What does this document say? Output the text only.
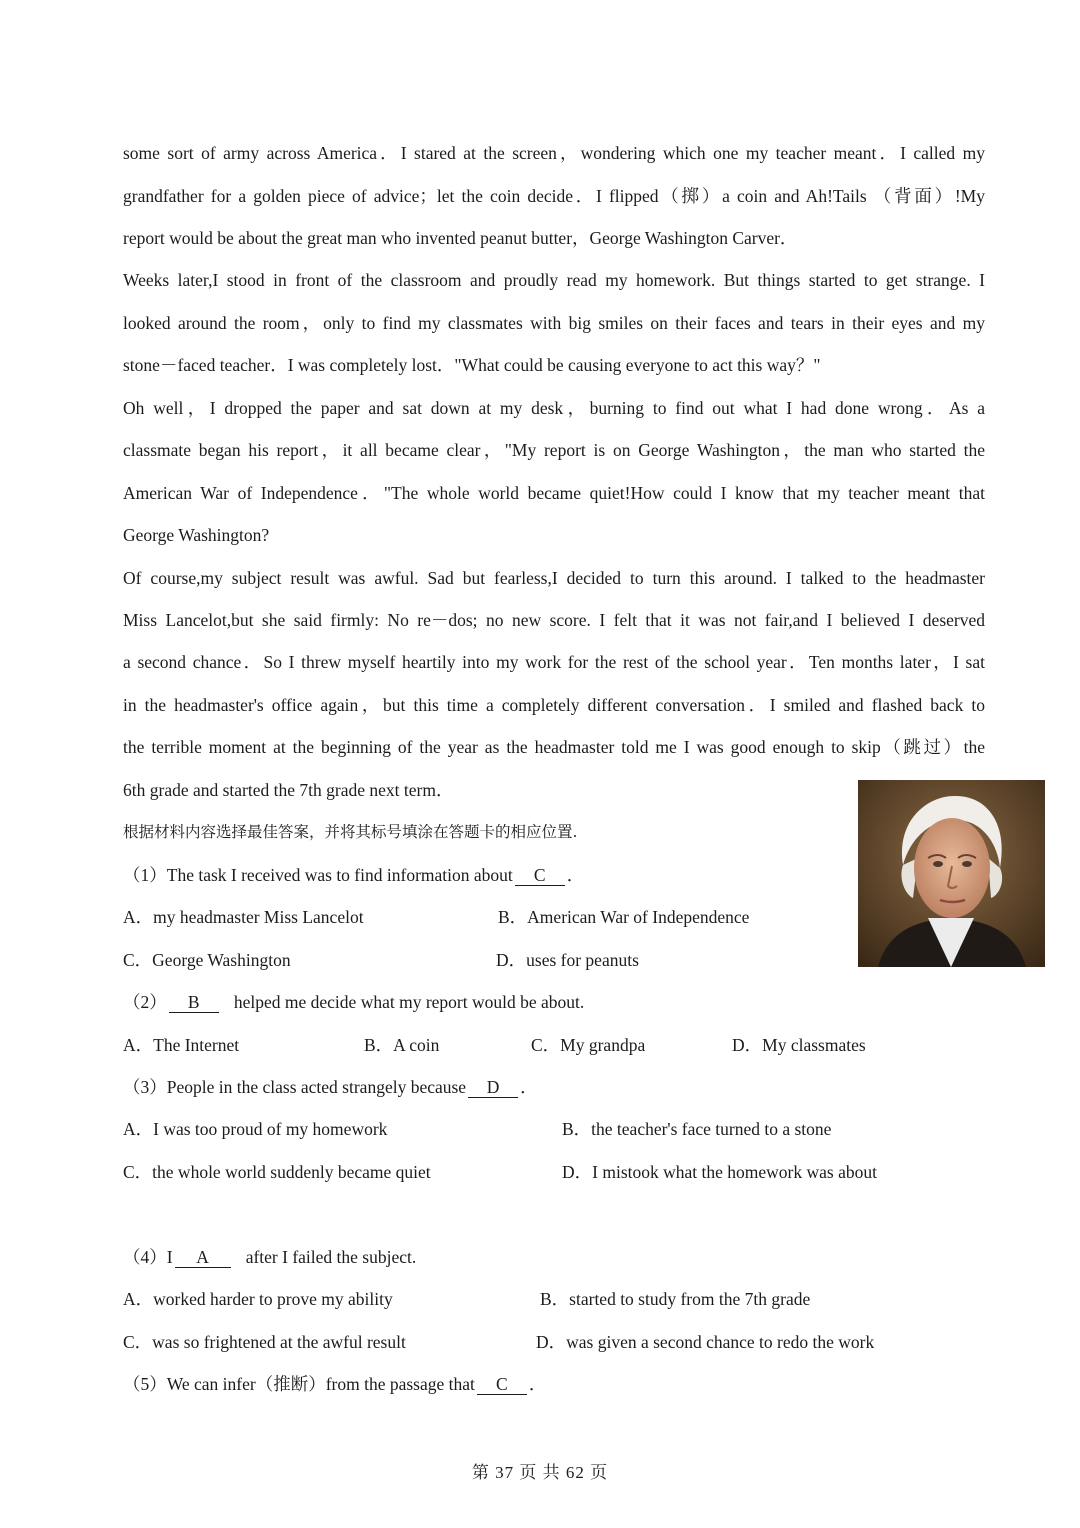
some sort of army across America．I stared at the screen，wondering which one my teacher meant．I called my
grandfather for a golden piece of advice；let the coin decide．I flipped（掷）a coin and Ah!Tails （背面）!My
report would be about the great man who invented peanut butter，George Washington Carver．
Weeks later,I stood in front of the classroom and proudly read my homework. But things started to get strange. I
looked around the room，only to find my classmates with big smiles on their faces and tears in their eyes and my
stone－faced teacher．I was completely lost．"What could be causing everyone to act this way？"
Oh well，I dropped the paper and sat down at my desk，burning to find out what I had done wrong．As a
classmate began his report，it all became clear，"My report is on George Washington，the man who started the
American War of Independence．"The whole world became quiet!How could I know that my teacher meant that
George Washington?
Of course,my subject result was awful. Sad but fearless,I decided to turn this around. I talked to the headmaster
Miss Lancelot,but she said firmly: No re－dos; no new score. I felt that it was not fair,and I believed I deserved
a second chance．So I threw myself heartily into my work for the rest of the school year．Ten months later，I sat
in the headmaster's office again，but this time a completely different conversation．I smiled and flashed back to
the terrible moment at the beginning of the year as the headmaster told me I was good enough to skip（跳过）the
6th grade and started the 7th grade next term．
根据材料内容选择最佳答案，并将其标号填涂在答题卡的相应位置.
（1）The task I received was to find information about C ．
A．my headmaster Miss Lancelot	B．American War of Independence
C．George Washington	D．uses for peanuts
（2） B helped me decide what my report would be about.
A．The Internet	B．A coin	C．My grandpa	D．My classmates
（3）People in the class acted strangely because D ．
A．I was too proud of my homework	B．the teacher's face turned to a stone
C．the whole world suddenly became quiet	D．I mistook what the homework was about
（4）I A after I failed the subject.
A．worked harder to prove my ability	B．started to study from the 7th grade
C．was so frightened at the awful result	D．was given a second chance to redo the work
（5）We can infer（推断）from the passage that C ．
第 37 页 共 62 页
